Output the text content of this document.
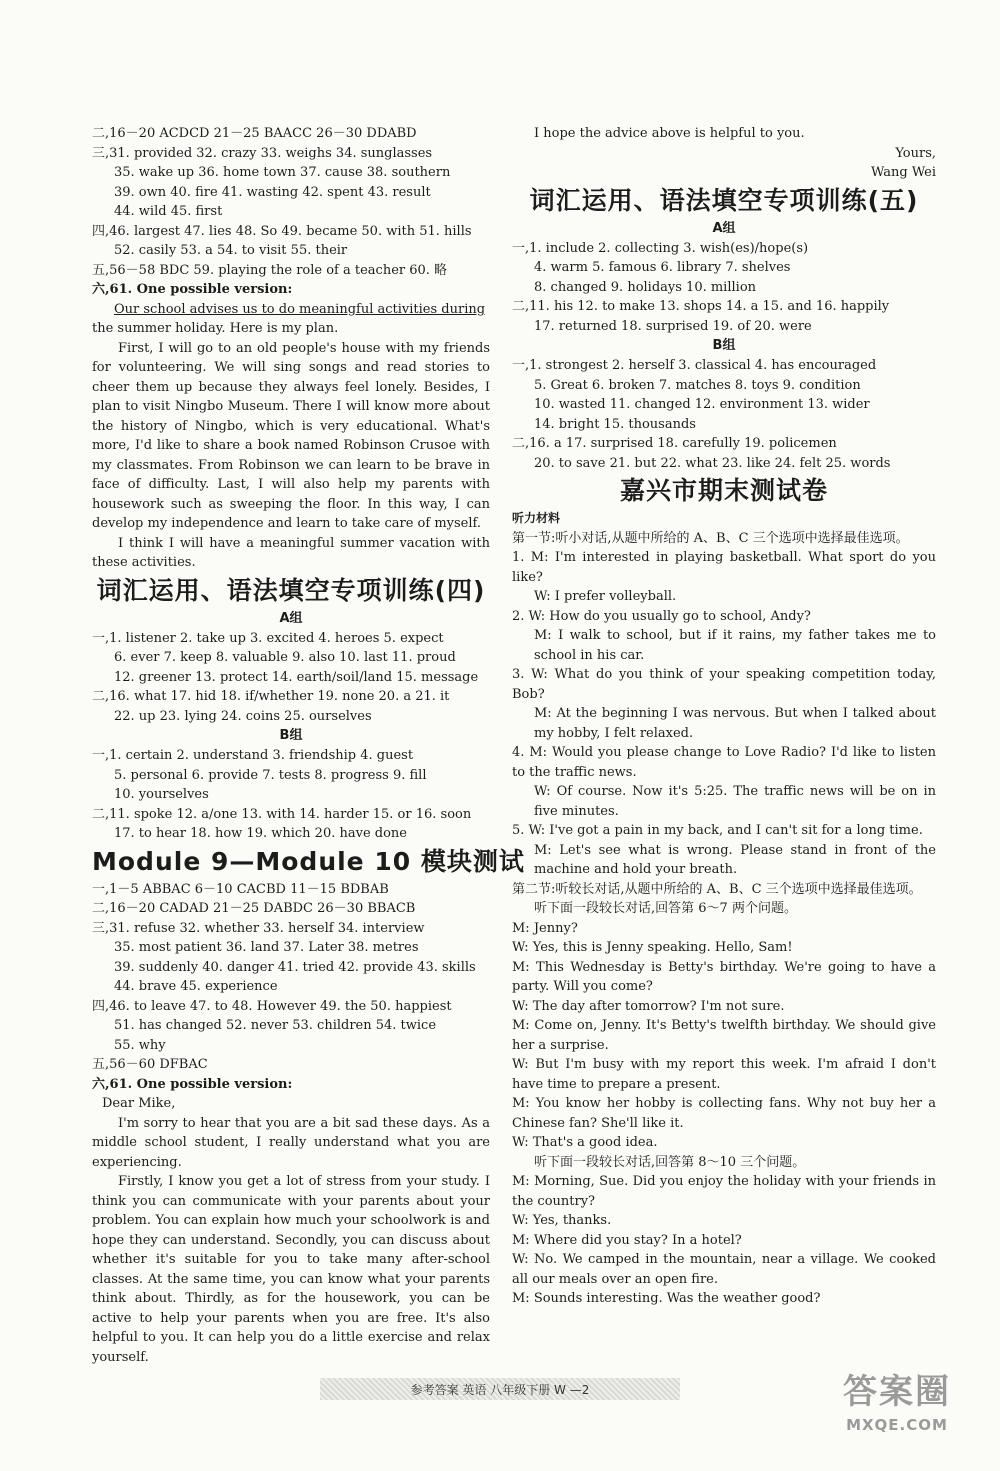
二,16－20 ACDCD 21－25 BAACC 26－30 DDABD
三,31. provided 32. crazy 33. weighs 34. sunglasses
35. wake up 36. home town 37. cause 38. southern
39. own 40. fire 41. wasting 42. spent 43. result
44. wild 45. first
四,46. largest 47. lies 48. So 49. became 50. with 51. hills
52. casily 53. a 54. to visit 55. their
五,56－58 BDC 59. playing the role of a teacher 60. 略
六,61. One possible version:
Our school advises us to do meaningful activities during
the summer holiday. Here is my plan.
First, I will go to an old people's house with my friends for volunteering. We will sing songs and read stories to cheer them up because they always feel lonely. Besides, I plan to visit Ningbo Museum. There I will know more about the history of Ningbo, which is very educational. What's more, I'd like to share a book named Robinson Crusoe with my classmates. From Robinson we can learn to be brave in face of difficulty. Last, I will also help my parents with housework such as sweeping the floor. In this way, I can develop my independence and learn to take care of myself.
I think I will have a meaningful summer vacation with these activities.
词汇运用、语法填空专项训练(四)
A组
一,1. listener 2. take up 3. excited 4. heroes 5. expect
6. ever 7. keep 8. valuable 9. also 10. last 11. proud
12. greener 13. protect 14. earth/soil/land 15. message
二,16. what 17. hid 18. if/whether 19. none 20. a 21. it
22. up 23. lying 24. coins 25. ourselves
B组
一,1. certain 2. understand 3. friendship 4. guest
5. personal 6. provide 7. tests 8. progress 9. fill
10. yourselves
二,11. spoke 12. a/one 13. with 14. harder 15. or 16. soon
17. to hear 18. how 19. which 20. have done
Module 9—Module 10 模块测试
一,1－5 ABBAC 6－10 CACBD 11－15 BDBAB
二,16－20 CADAD 21－25 DABDC 26－30 BBACB
三,31. refuse 32. whether 33. herself 34. interview
35. most patient 36. land 37. Later 38. metres
39. suddenly 40. danger 41. tried 42. provide 43. skills
44. brave 45. experience
四,46. to leave 47. to 48. However 49. the 50. happiest
51. has changed 52. never 53. children 54. twice
55. why
五,56－60 DFBAC
六,61. One possible version:
Dear Mike,
I'm sorry to hear that you are a bit sad these days. As a middle school student, I really understand what you are experiencing.
Firstly, I know you get a lot of stress from your study. I think you can communicate with your parents about your problem. You can explain how much your schoolwork is and hope they can understand. Secondly, you can discuss about whether it's suitable for you to take many after-school classes. At the same time, you can know what your parents think about. Thirdly, as for the housework, you can be active to help your parents when you are free. It's also helpful to you. It can help you do a little exercise and relax yourself.
I hope the advice above is helpful to you.
Yours,
Wang Wei
词汇运用、语法填空专项训练(五)
A组
一,1. include 2. collecting 3. wish(es)/hope(s)
4. warm 5. famous 6. library 7. shelves
8. changed 9. holidays 10. million
二,11. his 12. to make 13. shops 14. a 15. and 16. happily
17. returned 18. surprised 19. of 20. were
B组
一,1. strongest 2. herself 3. classical 4. has encouraged
5. Great 6. broken 7. matches 8. toys 9. condition
10. wasted 11. changed 12. environment 13. wider
14. bright 15. thousands
二,16. a 17. surprised 18. carefully 19. policemen
20. to save 21. but 22. what 23. like 24. felt 25. words
嘉兴市期末测试卷
听力材料
第一节:听小对话,从题中所给的 A、B、C 三个选项中选择最佳选项。
1. M: I'm interested in playing basketball. What sport do you like?
W: I prefer volleyball.
2. W: How do you usually go to school, Andy?
M: I walk to school, but if it rains, my father takes me to school in his car.
3. W: What do you think of your speaking competition today, Bob?
M: At the beginning I was nervous. But when I talked about my hobby, I felt relaxed.
4. M: Would you please change to Love Radio? I'd like to listen to the traffic news.
W: Of course. Now it's 5:25. The traffic news will be on in five minutes.
5. W: I've got a pain in my back, and I can't sit for a long time.
M: Let's see what is wrong. Please stand in front of the machine and hold your breath.
第二节:听较长对话,从题中所给的 A、B、C 三个选项中选择最佳选项。
听下面一段较长对话,回答第 6～7 两个问题。
M: Jenny?
W: Yes, this is Jenny speaking. Hello, Sam!
M: This Wednesday is Betty's birthday. We're going to have a party. Will you come?
W: The day after tomorrow? I'm not sure.
M: Come on, Jenny. It's Betty's twelfth birthday. We should give her a surprise.
W: But I'm busy with my report this week. I'm afraid I don't have time to prepare a present.
M: You know her hobby is collecting fans. Why not buy her a Chinese fan? She'll like it.
W: That's a good idea.
听下面一段较长对话,回答第 8～10 三个问题。
M: Morning, Sue. Did you enjoy the holiday with your friends in the country?
W: Yes, thanks.
M: Where did you stay? In a hotel?
W: No. We camped in the mountain, near a village. We cooked all our meals over an open fire.
M: Sounds interesting. Was the weather good?
参考答案 英语 八年级下册 W —2	答案圈
MXQE.COM
